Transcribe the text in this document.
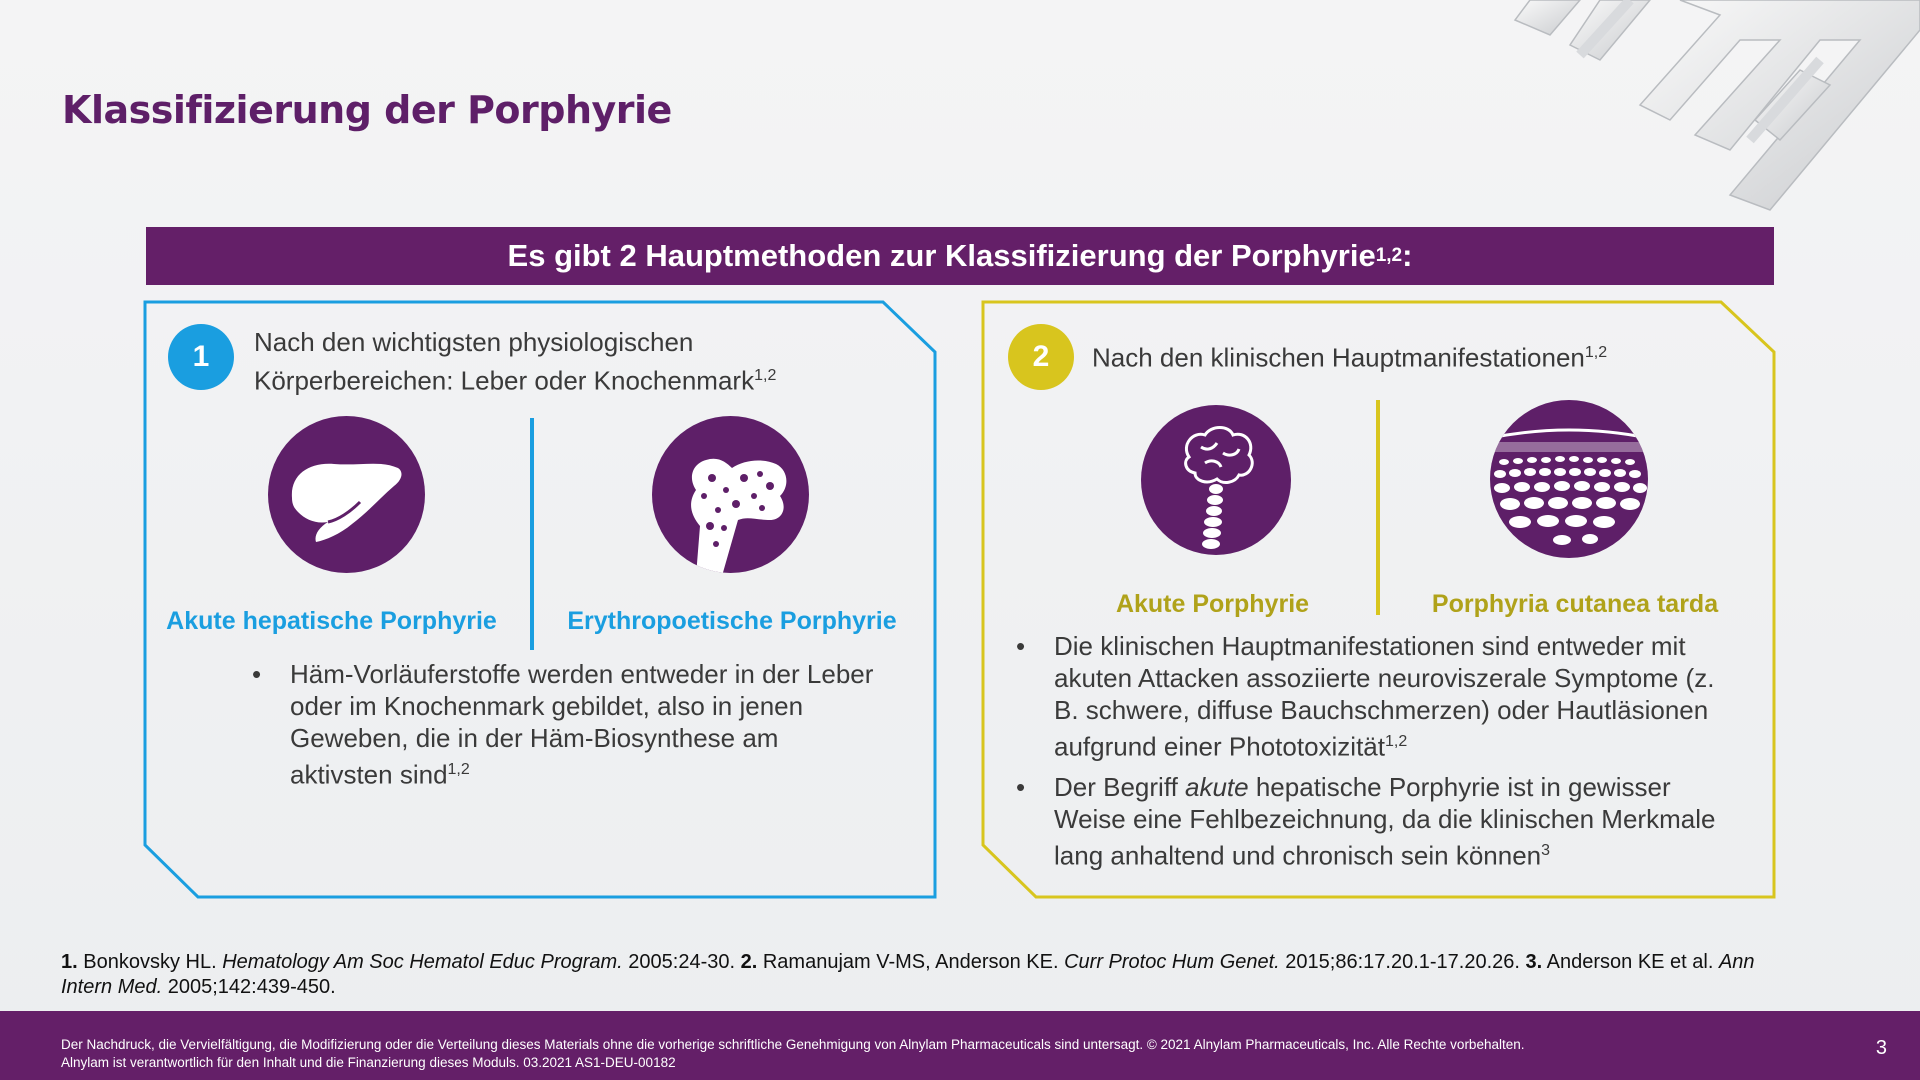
Klassifizierung der Porphyrie
Es gibt 2 Hauptmethoden zur Klassifizierung der Porphyrie 1,2 :
1	Nach den wichtigsten physiologischen
Körperbereichen: Leber oder Knochenmark$^{1,2}$
Akute hepatische Porphyrie	Erythropoetische Porphyrie
• Häm-Vorläuferstoffe werden entweder in der Leber oder im Knochenmark gebildet, also in jenen Geweben, die in der Häm-Biosynthese am aktivsten sind$^{1,2}$
2	Nach den klinischen Hauptmanifestationen$^{1,2}$
Akute Porphyrie	Porphyria cutanea tarda
• Die klinischen Hauptmanifestationen sind entweder mit akuten Attacken assoziierte neuroviszerale Symptome (z. B. schwere, diffuse Bauchschmerzen) oder Hautläsionen aufgrund einer Phototoxizität$^{1,2}$
• Der Begriff akute hepatische Porphyrie ist in gewisser Weise eine Fehlbezeichnung, da die klinischen Merkmale lang anhaltend und chronisch sein können$^3$
1. Bonkovsky HL. Hematology Am Soc Hematol Educ Program. 2005:24-30. 2. Ramanujam V-MS, Anderson KE. Curr Protoc Hum Genet. 2015;86:17.20.1-17.20.26. 3. Anderson KE et al. Ann Intern Med. 2005;142:439-450.
Der Nachdruck, die Vervielfältigung, die Modifizierung oder die Verteilung dieses Materials ohne die vorherige schriftliche Genehmigung von Alnylam Pharmaceuticals sind untersagt. © 2021 Alnylam Pharmaceuticals, Inc. Alle Rechte vorbehalten.
Alnylam ist verantwortlich für den Inhalt und die Finanzierung dieses Moduls. 03.2021 AS1-DEU-00182
3
